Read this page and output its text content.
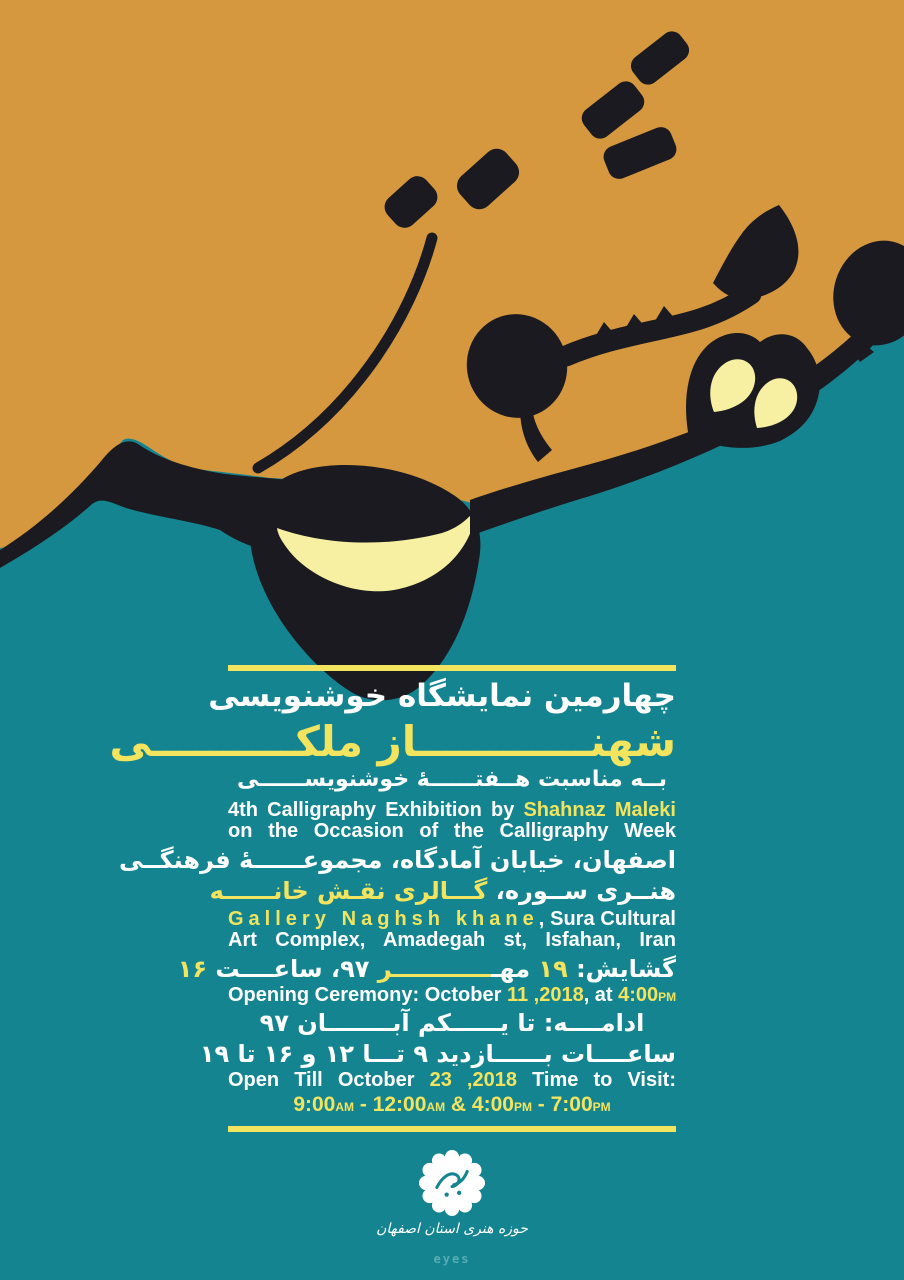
چهارمین نمایشگاه خوشنویسی
شهنــــــــــــاز ملکــــــــــی
بــه مناسبت هــفتــــــهٔ خوشنویســــــی
4th Calligraphy Exhibition by Shahnaz Maleki
on the Occasion of the Calligraphy Week
اصفهان، خیابان آمادگاه، مجموعــــــهٔ فرهنگــی
هنــری ســوره، گـــالری نقـش خانــــــه
Gallery Naghsh khane, Sura Cultural
Art Complex, Amadegah st, Isfahan, Iran
گشایش: ۱۹ مهـــــــــــــر ۹۷، ساعــــت ۱۶
Opening Ceremony: October 11 ,2018, at 4:00PM
ادامــــه: تا یــــــکم آبــــــــان ۹۷
ساعــــات بــــــازدید ۹ تـــا ۱۲ و ۱۶ تا ۱۹
Open Till October 23 ,2018 Time to Visit:
9:00AM - 12:00AM & 4:00PM - 7:00PM
حوزه هنری استان اصفهان
eyes
